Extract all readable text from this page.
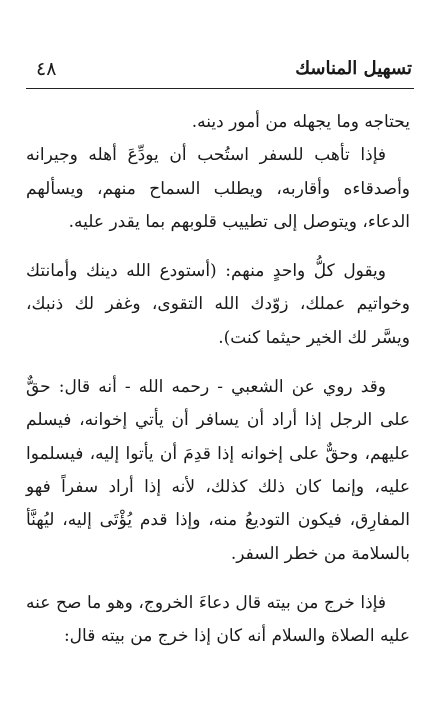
تسهيل المناسك
٤٨

يحتاجه وما يجهله من أمور دينه.

فإذا تأهب للسفر استُحب أن يودِّعَ أهله وجيرانه وأصدقاءه وأقاربه، ويطلب السماح منهم، ويسألهم الدعاء، ويتوصل إلى تطييب قلوبهم بما يقدر عليه.

ويقول كلُّ واحدٍ منهم: (أستودع الله دينك وأمانتك وخواتيم عملك، زوّدك الله التقوى، وغفر لك ذنبك، ويسَّر لك الخير حيثما كنت).

وقد روي عن الشعبي - رحمه الله - أنه قال: حقٌّ على الرجل إذا أراد أن يسافر أن يأتي إخوانه، فيسلم عليهم، وحقٌّ على إخوانه إذا قدِمَ أن يأتوا إليه، فيسلموا عليه، وإنما كان ذلك كذلك، لأنه إذا أراد سفراً فهو المفارِق، فيكون التوديعُ منه، وإذا قدم يُؤْتَى إليه، ليُهنَّأ بالسلامة من خطر السفر.

فإذا خرج من بيته قال دعاءَ الخروج، وهو ما صح عنه عليه الصلاة والسلام أنه كان إذا خرج من بيته قال:
